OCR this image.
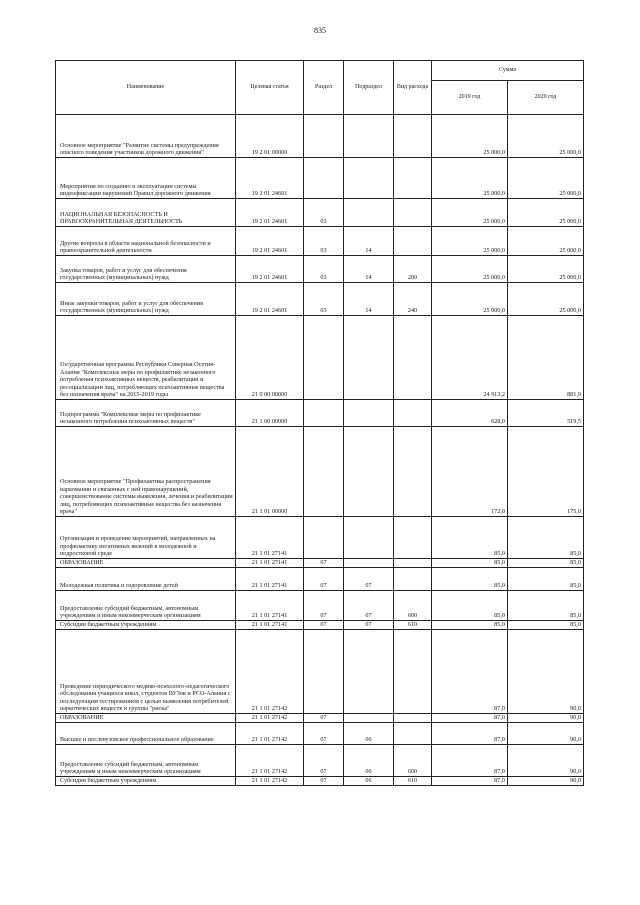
835
Наименование	Целевая статья	Раздел	Подраздел	Вид расхода	Сумма	
					2019 год	2020 год
Основное мероприятие "Развитие системы предупреждения опасного поведения участников дорожного движения"	19 2 01 00000				25 000,0	25 000,0
Мероприятия по созданию и эксплуатации системы видеофиксации нарушений Правил дорожного движения	19 2 01 24601				25 000,0	25 000,0
НАЦИОНАЛЬНАЯ БЕЗОПАСНОСТЬ И ПРАВООХРАНИТЕЛЬНАЯ ДЕЯТЕЛЬНОСТЬ	19 2 01 24601	03			25 000,0	25 000,0
Другие вопросы в области национальной безопасности и правоохранительной деятельности	19 2 01 24601	03	14		25 000,0	25 000,0
Закупка товаров, работ и услуг для обеспечения государственных (муниципальных) нужд	19 2 01 24601	03	14	200	25 000,0	25 000,0
Иные закупки товаров, работ и услуг для обеспечения государственных (муниципальных) нужд	19 2 01 24601	03	14	240	25 000,0	25 000,0
Государственная программа Республики Северная Осетия-Алания "Комплексные меры по профилактике незаконного потребления психоактивных веществ, реабилитации и ресоциализации лиц, потребляющих психоактивные вещества без назначения врача" на 2015-2019 годы	21 0 00 00000				24 913,2	881,9
Подпрограмма "Комплексные меры по профилактике незаконного потребления психоактивных веществ"	21 1 00 00000				628,0	519,5
Основное мероприятие "Профилактика распространения наркомании и связанных с ней правонарушений, совершенствование системы выявления, лечения и реабилитации лиц, потребляющих психоактивные вещества без назначения врача"	21 1 01 00000				172,0	175,0
Организация и проведение мероприятий, направленных на профилактику негативных явлений в молодежной и подростковой среде	21 1 01 27141				85,0	85,0
ОБРАЗОВАНИЕ	21 1 01 27141	07			85,0	85,0
Молодежная политика и оздоровление детей	21 1 01 27141	07	07		85,0	85,0
Предоставление субсидий бюджетным, автономным учреждениям и иным некоммерческим организациям	21 1 01 27141	07	07	600	85,0	85,0
Субсидии бюджетным учреждениям	21 1 01 27141	07	07	610	85,0	85,0
Проведение периодического медико-психолого-педагогического обследования учащихся школ, студентов ВУЗов и РСО-Алания с последующим тестированием с целью выявления потребителей наркотических веществ и группы "риска"	21 1 01 27142				87,0	90,0
ОБРАЗОВАНИЕ	21 1 01 27142	07			87,0	90,0
Высшее и послевузовское профессиональное образование	21 1 01 27142	07	06		87,0	90,0
Предоставление субсидий бюджетным, автономным учреждениям и иным некоммерческим организациям	21 1 01 27142	07	06	600	87,0	90,0
Субсидии бюджетным учреждениям	21 1 01 27142	07	06	610	87,0	90,0
